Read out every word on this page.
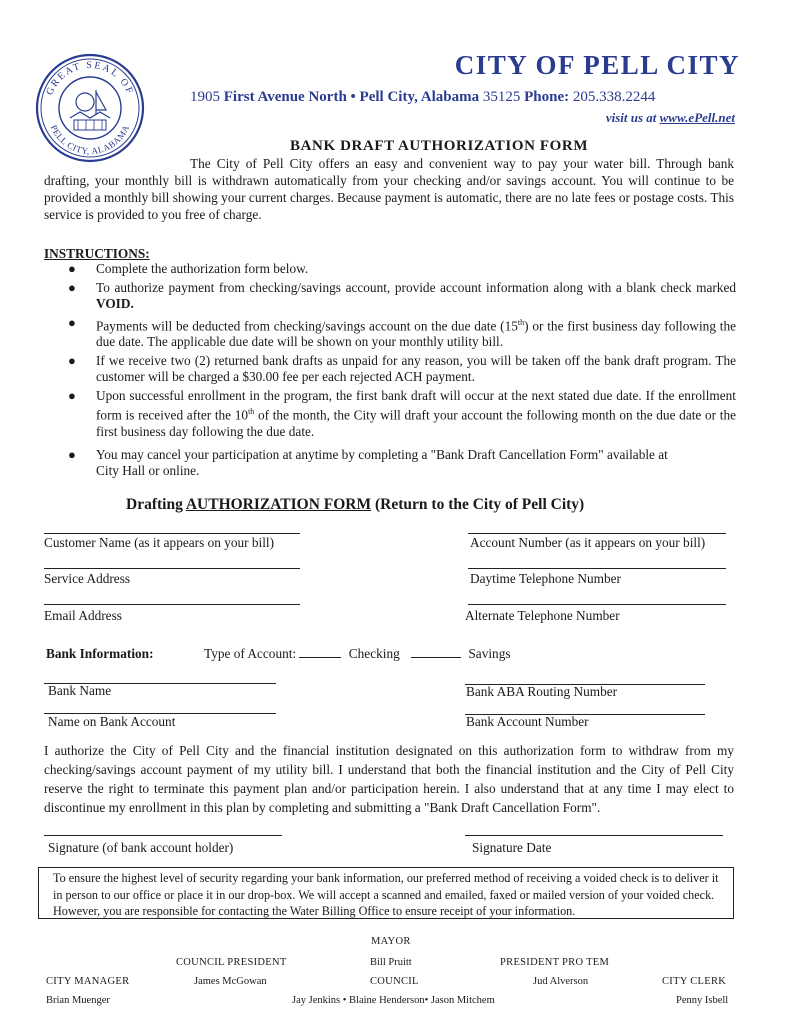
GREAT SEAL OF
PELL CITY, ALABAMA
CITY OF PELL CITY
1905 First Avenue North • Pell City, Alabama 35125 Phone: 205.338.2244
visit us at www.ePell.net
BANK DRAFT AUTHORIZATION FORM
The City of Pell City offers an easy and convenient way to pay your water bill. Through bank drafting, your monthly bill is withdrawn automatically from your checking and/or savings account. You will continue to be provided a monthly bill showing your current charges. Because payment is automatic, there are no late fees or postage costs. This service is provided to you free of charge.
INSTRUCTIONS:
● Complete the authorization form below.
● To authorize payment from checking/savings account, provide account information along with a blank check marked VOID.
● Payments will be deducted from checking/savings account on the due date (15th) or the first business day following the due date. The applicable due date will be shown on your monthly utility bill.
● If we receive two (2) returned bank drafts as unpaid for any reason, you will be taken off the bank draft program. The customer will be charged a $30.00 fee per each rejected ACH payment.
● Upon successful enrollment in the program, the first bank draft will occur at the next stated due date. If the enrollment form is received after the 10th of the month, the City will draft your account the following month on the due date or the first business day following the due date.
● You may cancel your participation at anytime by completing a "Bank Draft Cancellation Form" available at City Hall or online.
Drafting AUTHORIZATION FORM (Return to the City of Pell City)
Customer Name (as it appears on your bill)	Account Number (as it appears on your bill)
Service Address	Daytime Telephone Number
Email Address	Alternate Telephone Number
Bank Information:	Type of Account:	Checking	Savings
Bank Name	Bank ABA Routing Number
Name on Bank Account	Bank Account Number
I authorize the City of Pell City and the financial institution designated on this authorization form to withdraw from my checking/savings account payment of my utility bill. I understand that both the financial institution and the City of Pell City reserve the right to terminate this payment plan and/or participation herein. I also understand that at any time I may elect to discontinue my enrollment in this plan by completing and submitting a "Bank Draft Cancellation Form".
Signature (of bank account holder)	Signature Date
To ensure the highest level of security regarding your bank information, our preferred method of receiving a voided check is to deliver it in person to our office or place it in our drop-box. We will accept a scanned and emailed, faxed or mailed version of your voided check. However, you are responsible for contacting the Water Billing Office to ensure receipt of your information.
MAYOR
COUNCIL PRESIDENT	Bill Pruitt	PRESIDENT PRO TEM
CITY MANAGER	James McGowan	COUNCIL	Jud Alverson	CITY CLERK
Brian Muenger	Jay Jenkins • Blaine Henderson• Jason Mitchem	Penny Isbell
